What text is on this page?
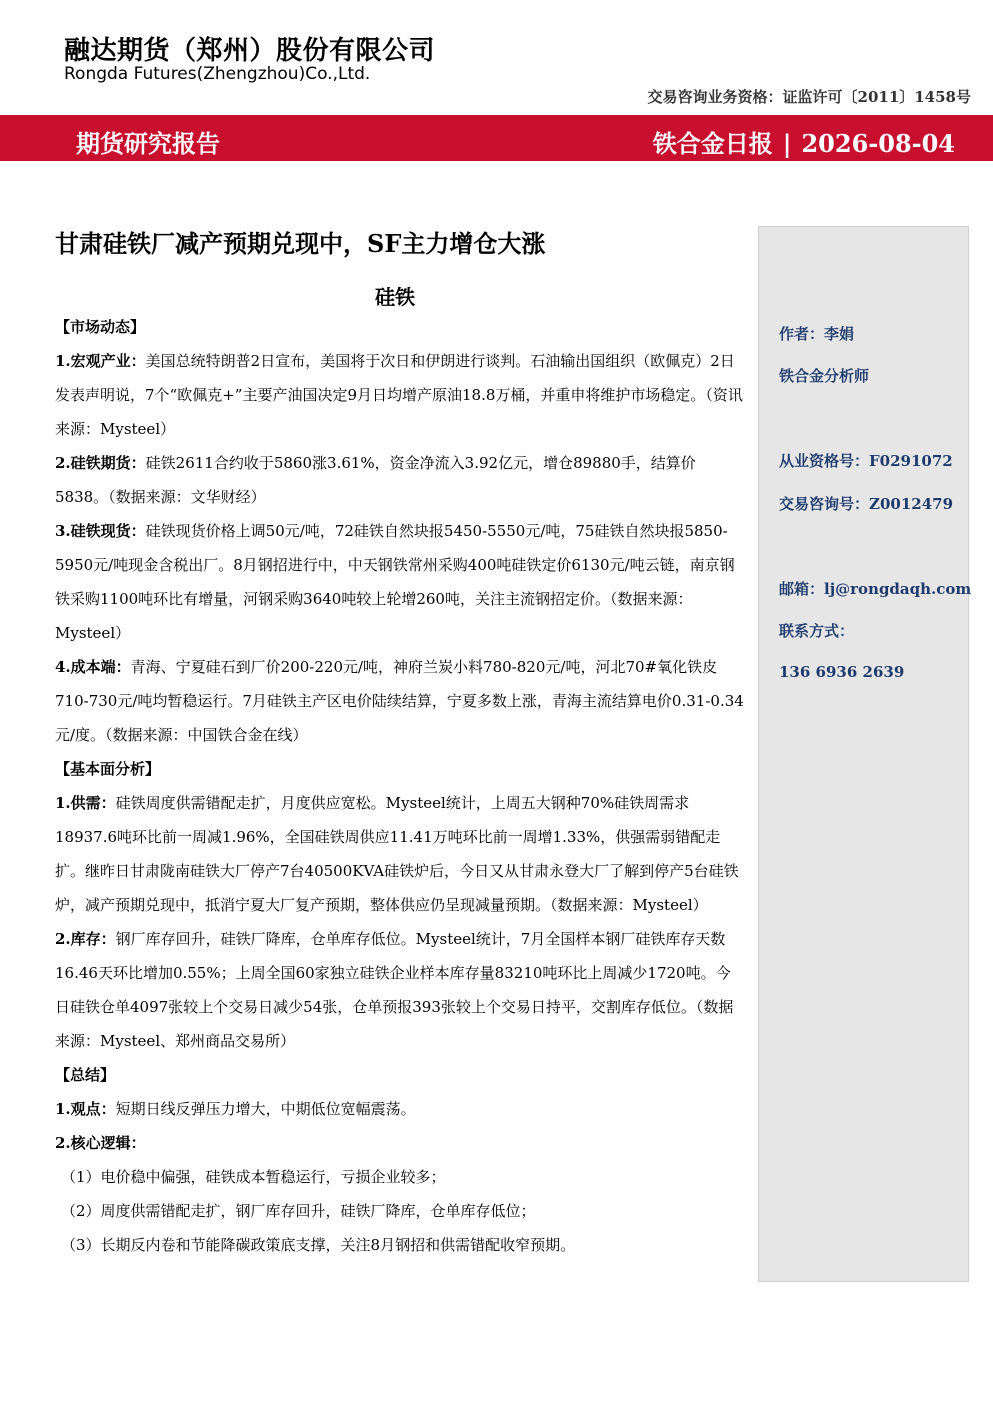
融达期货（郑州）股份有限公司
Rongda Futures(Zhengzhou)Co.,Ltd.
交易咨询业务资格：证监许可〔2011〕1458号
期货研究报告	铁合金日报 | 2026-08-04
作者：李娟
铁合金分析师
从业资格号：F0291072
交易咨询号：Z0012479
邮箱：lj@rongdaqh.com
联系方式：
136 6936 2639
甘肃硅铁厂减产预期兑现中，SF主力增仓大涨
硅铁

【市场动态】

1.宏观产业：美国总统特朗普2日宣布，美国将于次日和伊朗进行谈判。石油输出国组织（欧佩克）2日发表声明说，7个“欧佩克+”主要产油国决定9月日均增产原油18.8万桶，并重申将维护市场稳定。（资讯来源：Mysteel）

2.硅铁期货：硅铁2611合约收于5860涨3.61%，资金净流入3.92亿元，增仓89880手，结算价5838。（数据来源：文华财经）

3.硅铁现货：硅铁现货价格上调50元/吨，72硅铁自然块报5450-5550元/吨，75硅铁自然块报5850-5950元/吨现金含税出厂。8月钢招进行中，中天钢铁常州采购400吨硅铁定价6130元/吨云链，南京钢铁采购1100吨环比有增量，河钢采购3640吨较上轮增260吨，关注主流钢招定价。（数据来源：Mysteel）

4.成本端：青海、宁夏硅石到厂价200-220元/吨，神府兰炭小料780-820元/吨，河北70#氧化铁皮710-730元/吨均暂稳运行。7月硅铁主产区电价陆续结算，宁夏多数上涨，青海主流结算电价0.31-0.34元/度。（数据来源：中国铁合金在线）

【基本面分析】

1.供需：硅铁周度供需错配走扩，月度供应宽松。Mysteel统计，上周五大钢种70%硅铁周需求18937.6吨环比前一周减1.96%，全国硅铁周供应11.41万吨环比前一周增1.33%，供强需弱错配走扩。继昨日甘肃陇南硅铁大厂停产7台40500KVA硅铁炉后，今日又从甘肃永登大厂了解到停产5台硅铁炉，减产预期兑现中，抵消宁夏大厂复产预期，整体供应仍呈现减量预期。（数据来源：Mysteel）

2.库存：钢厂库存回升，硅铁厂降库，仓单库存低位。Mysteel统计，7月全国样本钢厂硅铁库存天数16.46天环比增加0.55%；上周全国60家独立硅铁企业样本库存量83210吨环比上周减少1720吨。今日硅铁仓单4097张较上个交易日减少54张，仓单预报393张较上个交易日持平，交割库存低位。（数据来源：Mysteel、郑州商品交易所）

【总结】

1.观点：短期日线反弹压力增大，中期低位宽幅震荡。

2.核心逻辑：

（1）电价稳中偏强，硅铁成本暂稳运行，亏损企业较多；

（2）周度供需错配走扩，钢厂库存回升，硅铁厂降库，仓单库存低位；

（3）长期反内卷和节能降碳政策底支撑，关注8月钢招和供需错配收窄预期。
